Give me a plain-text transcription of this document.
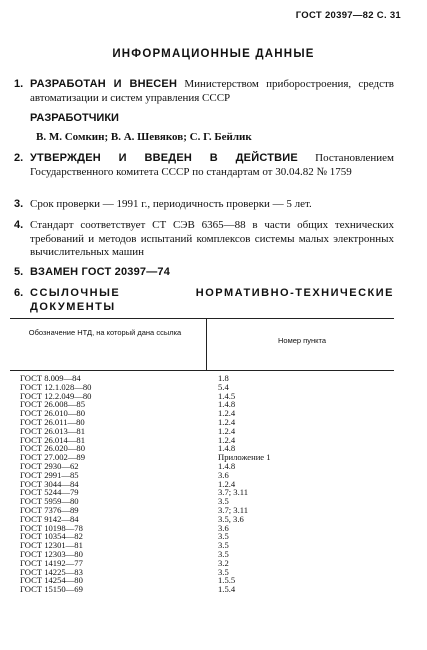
ГОСТ 20397—82 С. 31
ИНФОРМАЦИОННЫЕ ДАННЫЕ
1. РАЗРАБОТАН И ВНЕСЕН Министерством приборостроения, средств автоматизации и систем управления СССР
РАЗРАБОТЧИКИ
В. М. Сомкин; В. А. Шевяков; С. Г. Бейлик
2. УТВЕРЖДЕН И ВВЕДЕН В ДЕЙСТВИЕ Постановлением Государственного комитета СССР по стандартам от 30.04.82 № 1759
3. Срок проверки — 1991 г., периодичность проверки — 5 лет.
4. Стандарт соответствует СТ СЭВ 6365—88 в части общих технических требований и методов испытаний комплексов системы малых электронных вычислительных машин
5. ВЗАМЕН ГОСТ 20397—74
6. ССЫЛОЧНЫЕ НОРМАТИВНО-ТЕХНИЧЕСКИЕ ДОКУМЕНТЫ
Обозначение НТД, на который дана ссылка
Номер пункта
ГОСТ 8.009—84	1.8
ГОСТ 12.1.028—80	5.4
ГОСТ 12.2.049—80	1.4.5
ГОСТ 26.008—85	1.4.8
ГОСТ 26.010—80	1.2.4
ГОСТ 26.011—80	1.2.4
ГОСТ 26.013—81	1.2.4
ГОСТ 26.014—81	1.2.4
ГОСТ 26.020—80	1.4.8
ГОСТ 27.002—89	Приложение 1
ГОСТ 2930—62	1.4.8
ГОСТ 2991—85	3.6
ГОСТ 3044—84	1.2.4
ГОСТ 5244—79	3.7; 3.11
ГОСТ 5959—80	3.5
ГОСТ 7376—89	3.7; 3.11
ГОСТ 9142—84	3.5, 3.6
ГОСТ 10198—78	3.6
ГОСТ 10354—82	3.5
ГОСТ 12301—81	3.5
ГОСТ 12303—80	3.5
ГОСТ 14192—77	3.2
ГОСТ 14225—83	3.5
ГОСТ 14254—80	1.5.5
ГОСТ 15150—69	1.5.4
